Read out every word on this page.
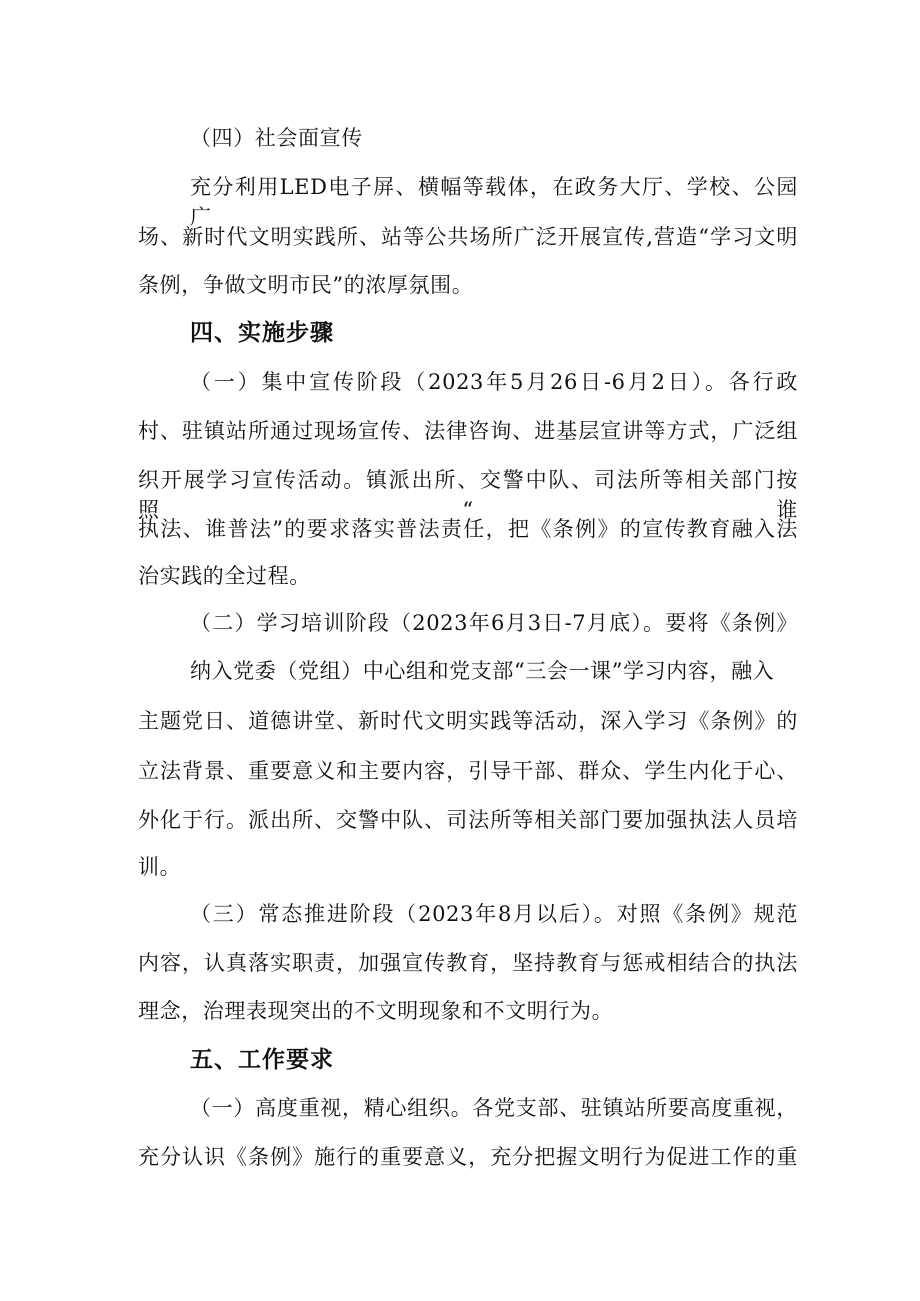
（四）社会面宣传
充分利用LED电子屏、横幅等载体，在政务大厅、学校、公园广
场、新时代文明实践所、站等公共场所广泛开展宣传,营造“学习文明
条例，争做文明市民”的浓厚氛围。
四、实施步骤
（一）集中宣传阶段（2023年5月26日-6月2日）。各行政
村、驻镇站所通过现场宣传、法律咨询、进基层宣讲等方式，广泛组
织开展学习宣传活动。镇派出所、交警中队、司法所等相关部门按照“谁
执法、谁普法”的要求落实普法责任，把《条例》的宣传教育融入法
治实践的全过程。
（二）学习培训阶段（2023年6月3日-7月底）。要将《条例》
纳入党委（党组）中心组和党支部“三会一课”学习内容，融入
主题党日、道德讲堂、新时代文明实践等活动，深入学习《条例》的
立法背景、重要意义和主要内容，引导干部、群众、学生内化于心、
外化于行。派出所、交警中队、司法所等相关部门要加强执法人员培
训。
（三）常态推进阶段（2023年8月以后）。对照《条例》规范
内容，认真落实职责，加强宣传教育，坚持教育与惩戒相结合的执法
理念，治理表现突出的不文明现象和不文明行为。
五、工作要求
（一）高度重视，精心组织。各党支部、驻镇站所要高度重视，
充分认识《条例》施行的重要意义，充分把握文明行为促进工作的重
